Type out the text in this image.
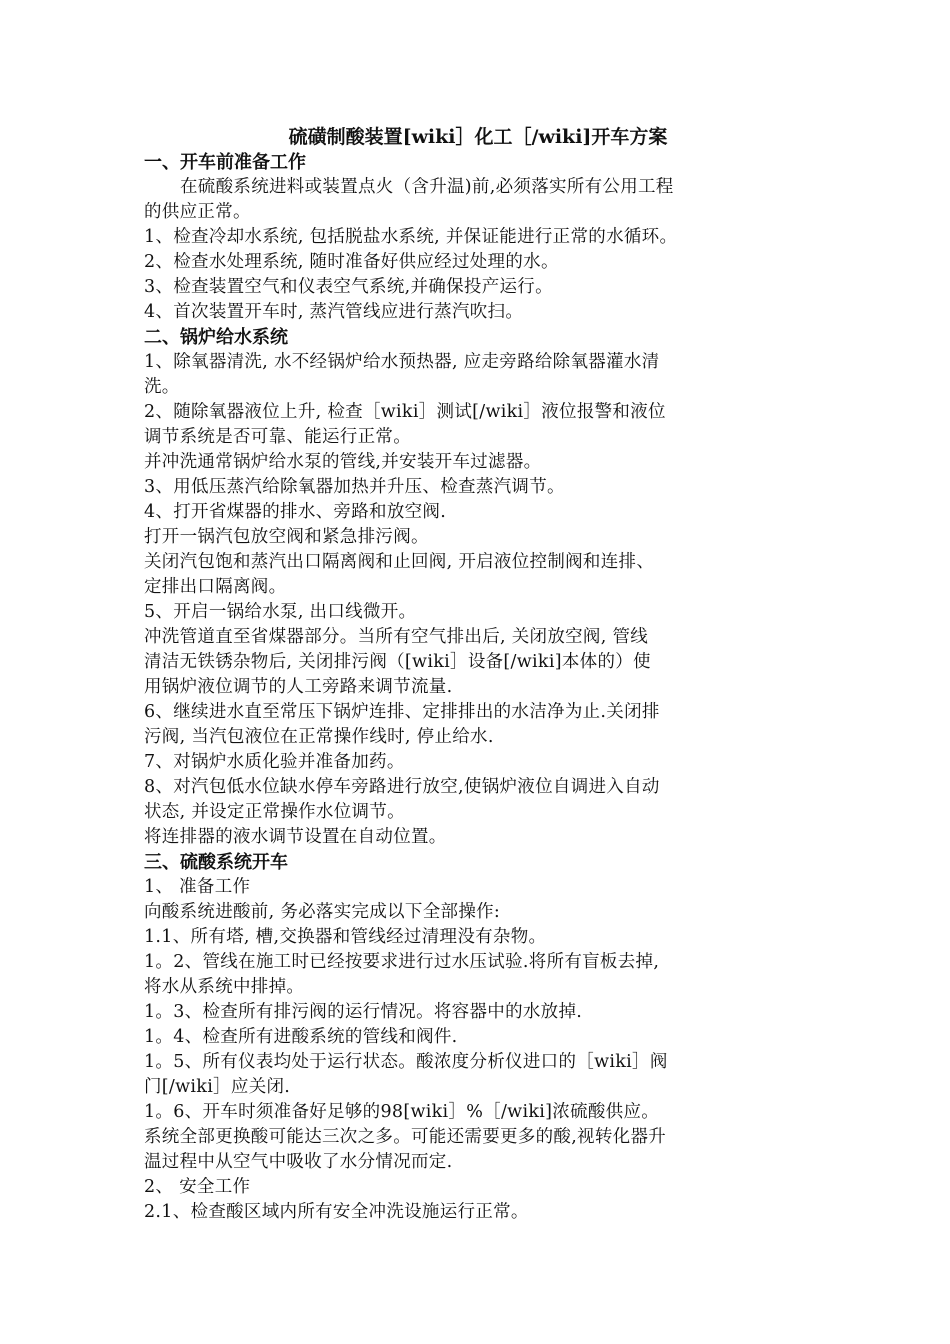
硫磺制酸装置[wiki］化工［/wiki]开车方案
一、开车前准备工作

在硫酸系统进料或装置点火（含升温)前,必须落实所有公用工程
的供应正常。

1、检查冷却水系统, 包括脱盐水系统, 并保证能进行正常的水循环。

2、检查水处理系统, 随时准备好供应经过处理的水。

3、检查装置空气和仪表空气系统,并确保投产运行。

4、首次装置开车时, 蒸汽管线应进行蒸汽吹扫。

二、锅炉给水系统

1、除氧器清洗, 水不经锅炉给水预热器, 应走旁路给除氧器灌水清
洗。

2、随除氧器液位上升, 检查［wiki］测试[/wiki］液位报警和液位
调节系统是否可靠、能运行正常。

并冲洗通常锅炉给水泵的管线,并安装开车过滤器。

3、用低压蒸汽给除氧器加热并升压、检查蒸汽调节。

4、打开省煤器的排水、旁路和放空阀.

打开一锅汽包放空阀和紧急排污阀。

关闭汽包饱和蒸汽出口隔离阀和止回阀, 开启液位控制阀和连排、
定排出口隔离阀。

5、开启一锅给水泵, 出口线微开。

冲洗管道直至省煤器部分。当所有空气排出后, 关闭放空阀, 管线
清洁无铁锈杂物后, 关闭排污阀（[wiki］设备[/wiki]本体的）使
用锅炉液位调节的人工旁路来调节流量.

6、继续进水直至常压下锅炉连排、定排排出的水洁净为止.关闭排
污阀, 当汽包液位在正常操作线时, 停止给水.

7、对锅炉水质化验并准备加药。

8、对汽包低水位缺水停车旁路进行放空,使锅炉液位自调进入自动
状态, 并设定正常操作水位调节。

将连排器的液水调节设置在自动位置。

三、硫酸系统开车

1、 准备工作

向酸系统进酸前, 务必落实完成以下全部操作:

1.1、所有塔, 槽,交换器和管线经过清理没有杂物。

1。2、管线在施工时已经按要求进行过水压试验.将所有盲板去掉,
将水从系统中排掉。

1。3、检查所有排污阀的运行情况。将容器中的水放掉.

1。4、检查所有进酸系统的管线和阀件.

1。5、所有仪表均处于运行状态。酸浓度分析仪进口的［wiki］阀
门[/wiki］应关闭.

1。6、开车时须准备好足够的98[wiki］%［/wiki]浓硫酸供应。

系统全部更换酸可能达三次之多。可能还需要更多的酸,视转化器升
温过程中从空气中吸收了水分情况而定.

2、 安全工作

2.1、检查酸区域内所有安全冲洗设施运行正常。
